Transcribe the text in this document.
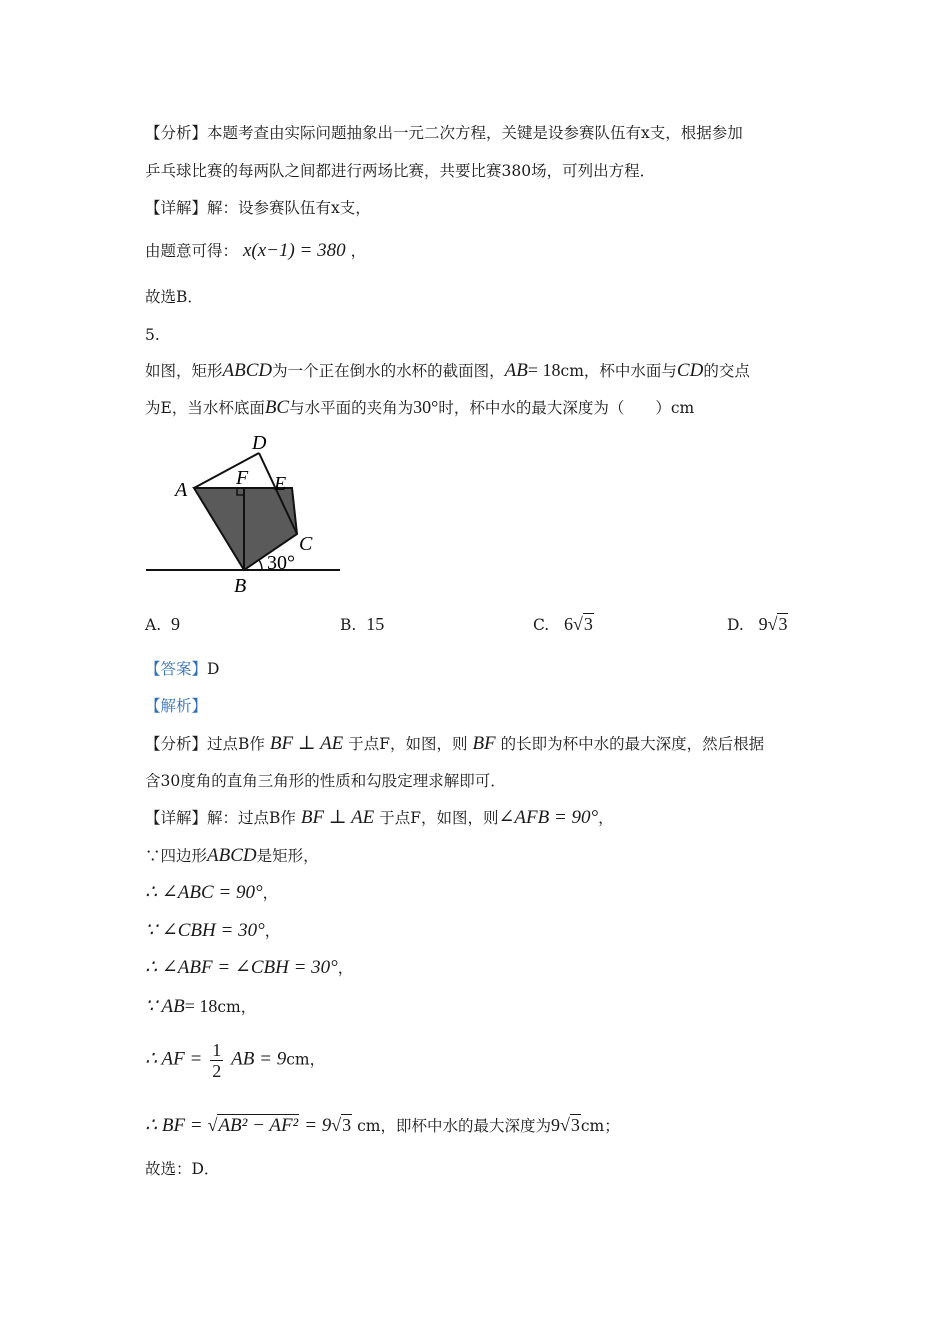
【分析】本题考查由实际问题抽象出一元二次方程，关键是设参赛队伍有x支，根据参加
乒乓球比赛的每两队之间都进行两场比赛，共要比赛380场，可列出方程．
【详解】解：设参赛队伍有x支，
由题意可得： x(x−1) = 380 ，
故选B．
5.
如图，矩形ABCD为一个正在倒水的水杯的截面图，AB= 18cm，杯中水面与CD的交点
为E，当水杯底面BC与水平面的夹角为30°时，杯中水的最大深度为（　　）cm
D
A
F E
C
30°
B
A. 9	B. 15	C. 6√3	D. 9√3
【答案】D
【解析】
【分析】过点B作 BF ⊥ AE 于点F，如图，则 BF 的长即为杯中水的最大深度，然后根据
含30度角的直角三角形的性质和勾股定理求解即可．
【详解】解：过点B作 BF ⊥ AE 于点F，如图，则∠AFB = 90°，
∵四边形ABCD是矩形，
∴ ∠ABC = 90°，
∵ ∠CBH = 30°，
∴ ∠ABF = ∠CBH = 30°，
∵ AB= 18cm，
∴ AF = $\frac{1}{2}$ AB = 9cm，
∴ BF = √AB² − AF² = 9√3 cm，即杯中水的最大深度为9√3cm；
故选：D．
